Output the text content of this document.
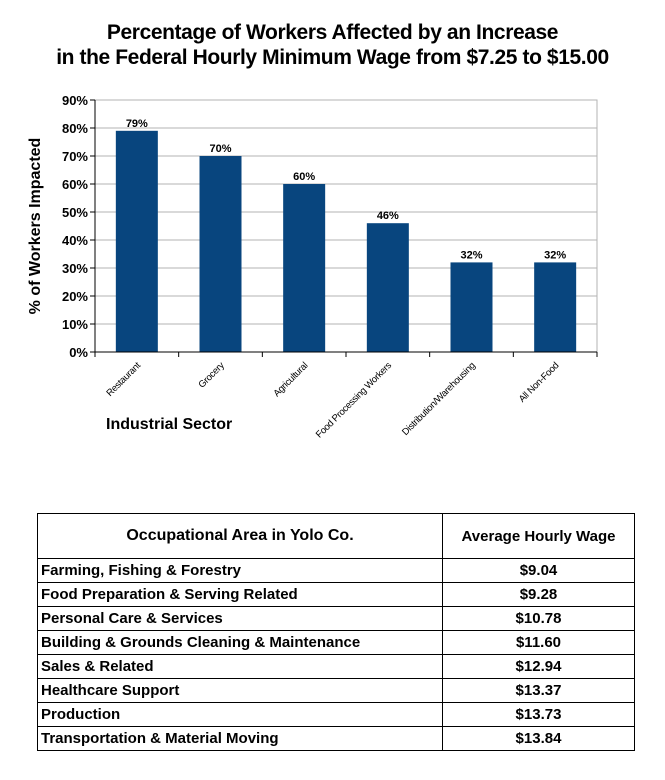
Percentage of Workers Affected by an Increase
in the Federal Hourly Minimum Wage from $7.25 to $15.00
79%
70%
60%
46%
32%	32%
0%
10%
20%
30%
40%
50%
60%
70%
80%
90%
Restaurant	Grocery	Agricultural Food Processing Workers Distribution/Warehousing	All Non-Food
% of Workers Impacted
Industrial Sector
Occupational Area in Yolo Co.	Average Hourly Wage
Farming, Fishing & Forestry	$9.04
Food Preparation & Serving Related	$9.28
Personal Care & Services	$10.78
Building & Grounds Cleaning & Maintenance	$11.60
Sales & Related	$12.94
Healthcare Support	$13.37
Production	$13.73
Transportation & Material Moving	$13.84
